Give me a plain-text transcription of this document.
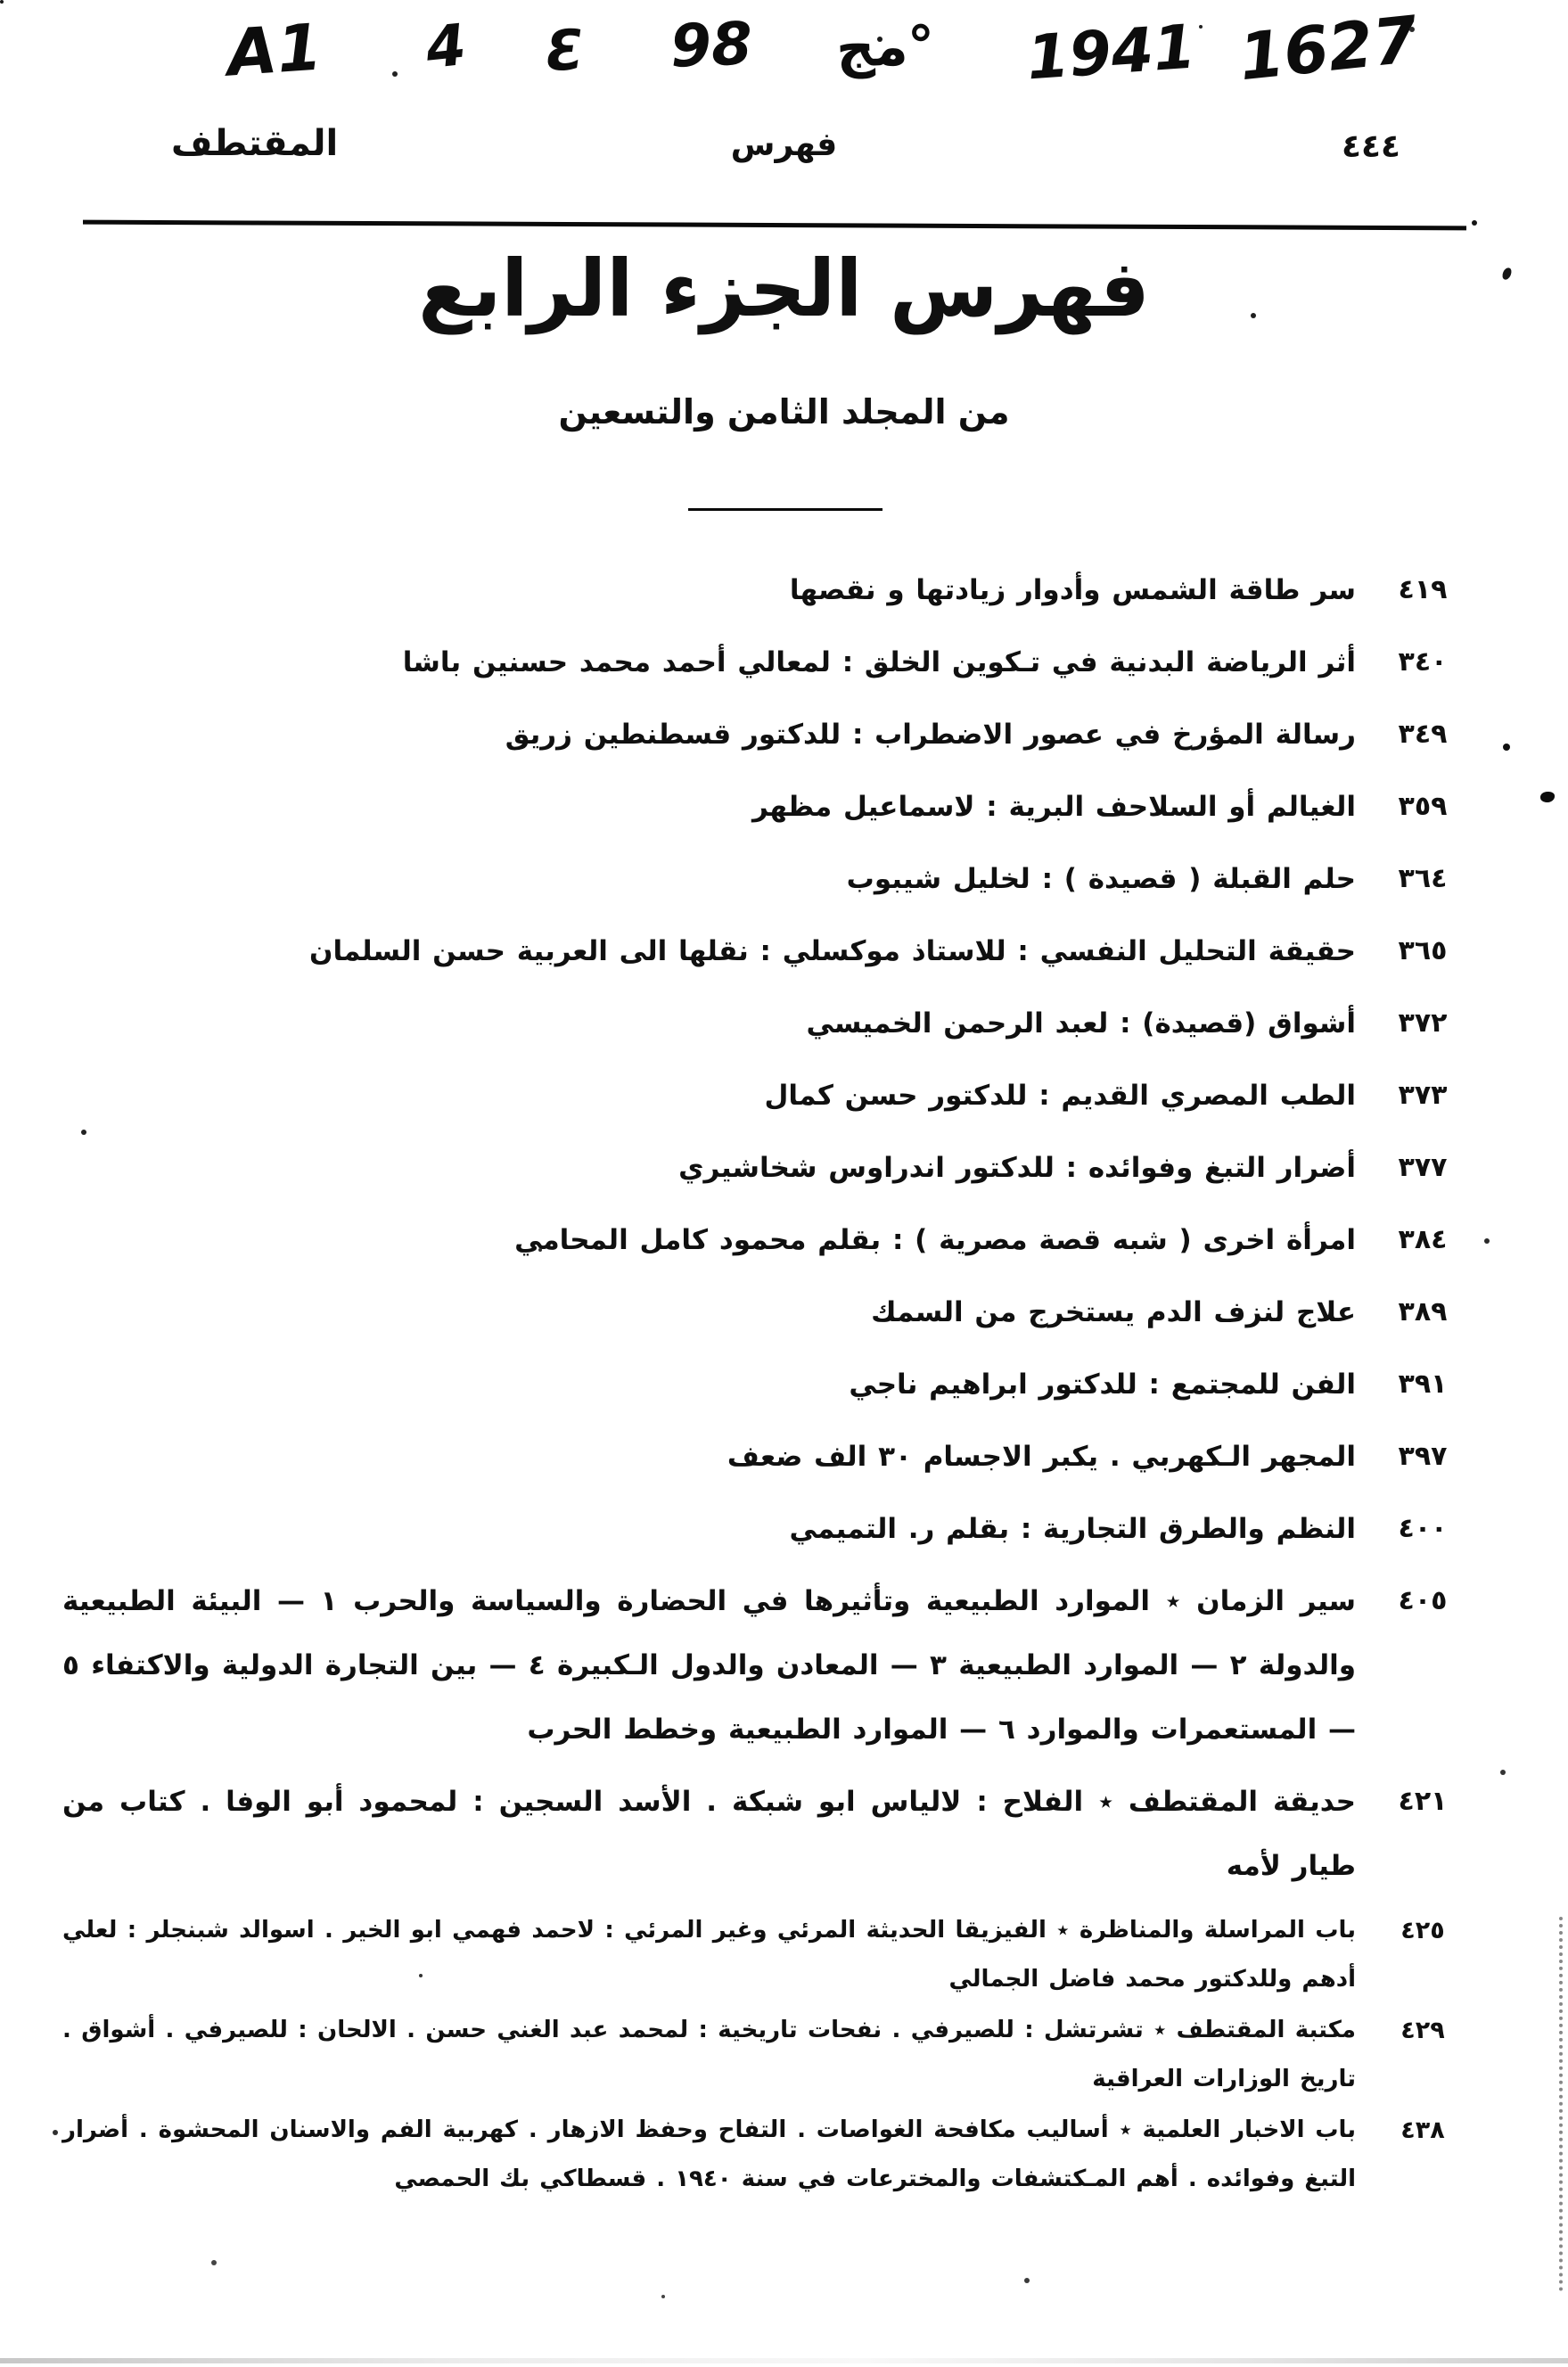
A1 4 Ɛ 98 مج° 1941 1627
المقتطف	فهرس	٤٤٤
فهرس الجزء الرابع
من المجلد الثامن والتسعين
٤١٩
سر طاقة الشمس وأدوار زيادتها و نقصها
٣٤٠
أثر الرياضة البدنية في تـكوين الخلق : لمعالي أحمد محمد حسنين باشا
٣٤٩
رسالة المؤرخ في عصور الاضطراب : للدكتور قسطنطين زريق
٣٥٩
الغيالم أو السلاحف البرية : لاسماعيل مظهر
٣٦٤
حلم القبلة ( قصيدة ) : لخليل شيبوب
٣٦٥
حقيقة التحليل النفسي : للاستاذ موكسلي : نقلها الى العربية حسن السلمان
٣٧٢
أشواق (قصيدة) : لعبد الرحمن الخميسي
٣٧٣
الطب المصري القديم : للدكتور حسن كمال
٣٧٧
أضرار التبغ وفوائده : للدكتور اندراوس شخاشيري
٣٨٤
امرأة اخرى ( شبه قصة مصرية ) : بقلم محمود كامل المحامي
٣٨٩
علاج لنزف الدم يستخرج من السمك
٣٩١
الفن للمجتمع : للدكتور ابراهيم ناجي
٣٩٧
المجهر الـكهربي . يكبر الاجسام ٣٠ الف ضعف
٤٠٠
النظم والطرق التجارية : بقلم ر. التميمي
٤٠٥
سير الزمان ٭ الموارد الطبيعية وتأثيرها في الحضارة والسياسة والحرب ١ — البيئة الطبيعية والدولة ٢ — الموارد الطبيعية ٣ — المعادن والدول الـكبيرة ٤ — بين التجارة الدولية والاكتفاء ٥ — المستعمرات والموارد ٦ — الموارد الطبيعية وخطط الحرب
٤٢١
حديقة المقتطف ٭ الفلاح : لالياس ابو شبكة . الأسد السجين : لمحمود أبو الوفا . كتاب من طيار لأمه
٤٢٥
باب المراسلة والمناظرة ٭ الفيزيقا الحديثة المرئي وغير المرئي : لاحمد فهمي ابو الخير . اسوالد شبنجلر : لعلي أدهم وللدكتور محمد فاضل الجمالي
٤٢٩
مكتبة المقتطف ٭ تشرتشل : للصيرفي . نفحات تاريخية : لمحمد عبد الغني حسن . الالحان : للصيرفي . أشواق . تاريخ الوزارات العراقية
٤٣٨
باب الاخبار العلمية ٭ أساليب مكافحة الغواصات . التفاح وحفظ الازهار . كهربية الفم والاسنان المحشوة . أضرار التبغ وفوائده . أهم المـكتشفات والمخترعات في سنة ١٩٤٠ . قسطاكي بك الحمصي
